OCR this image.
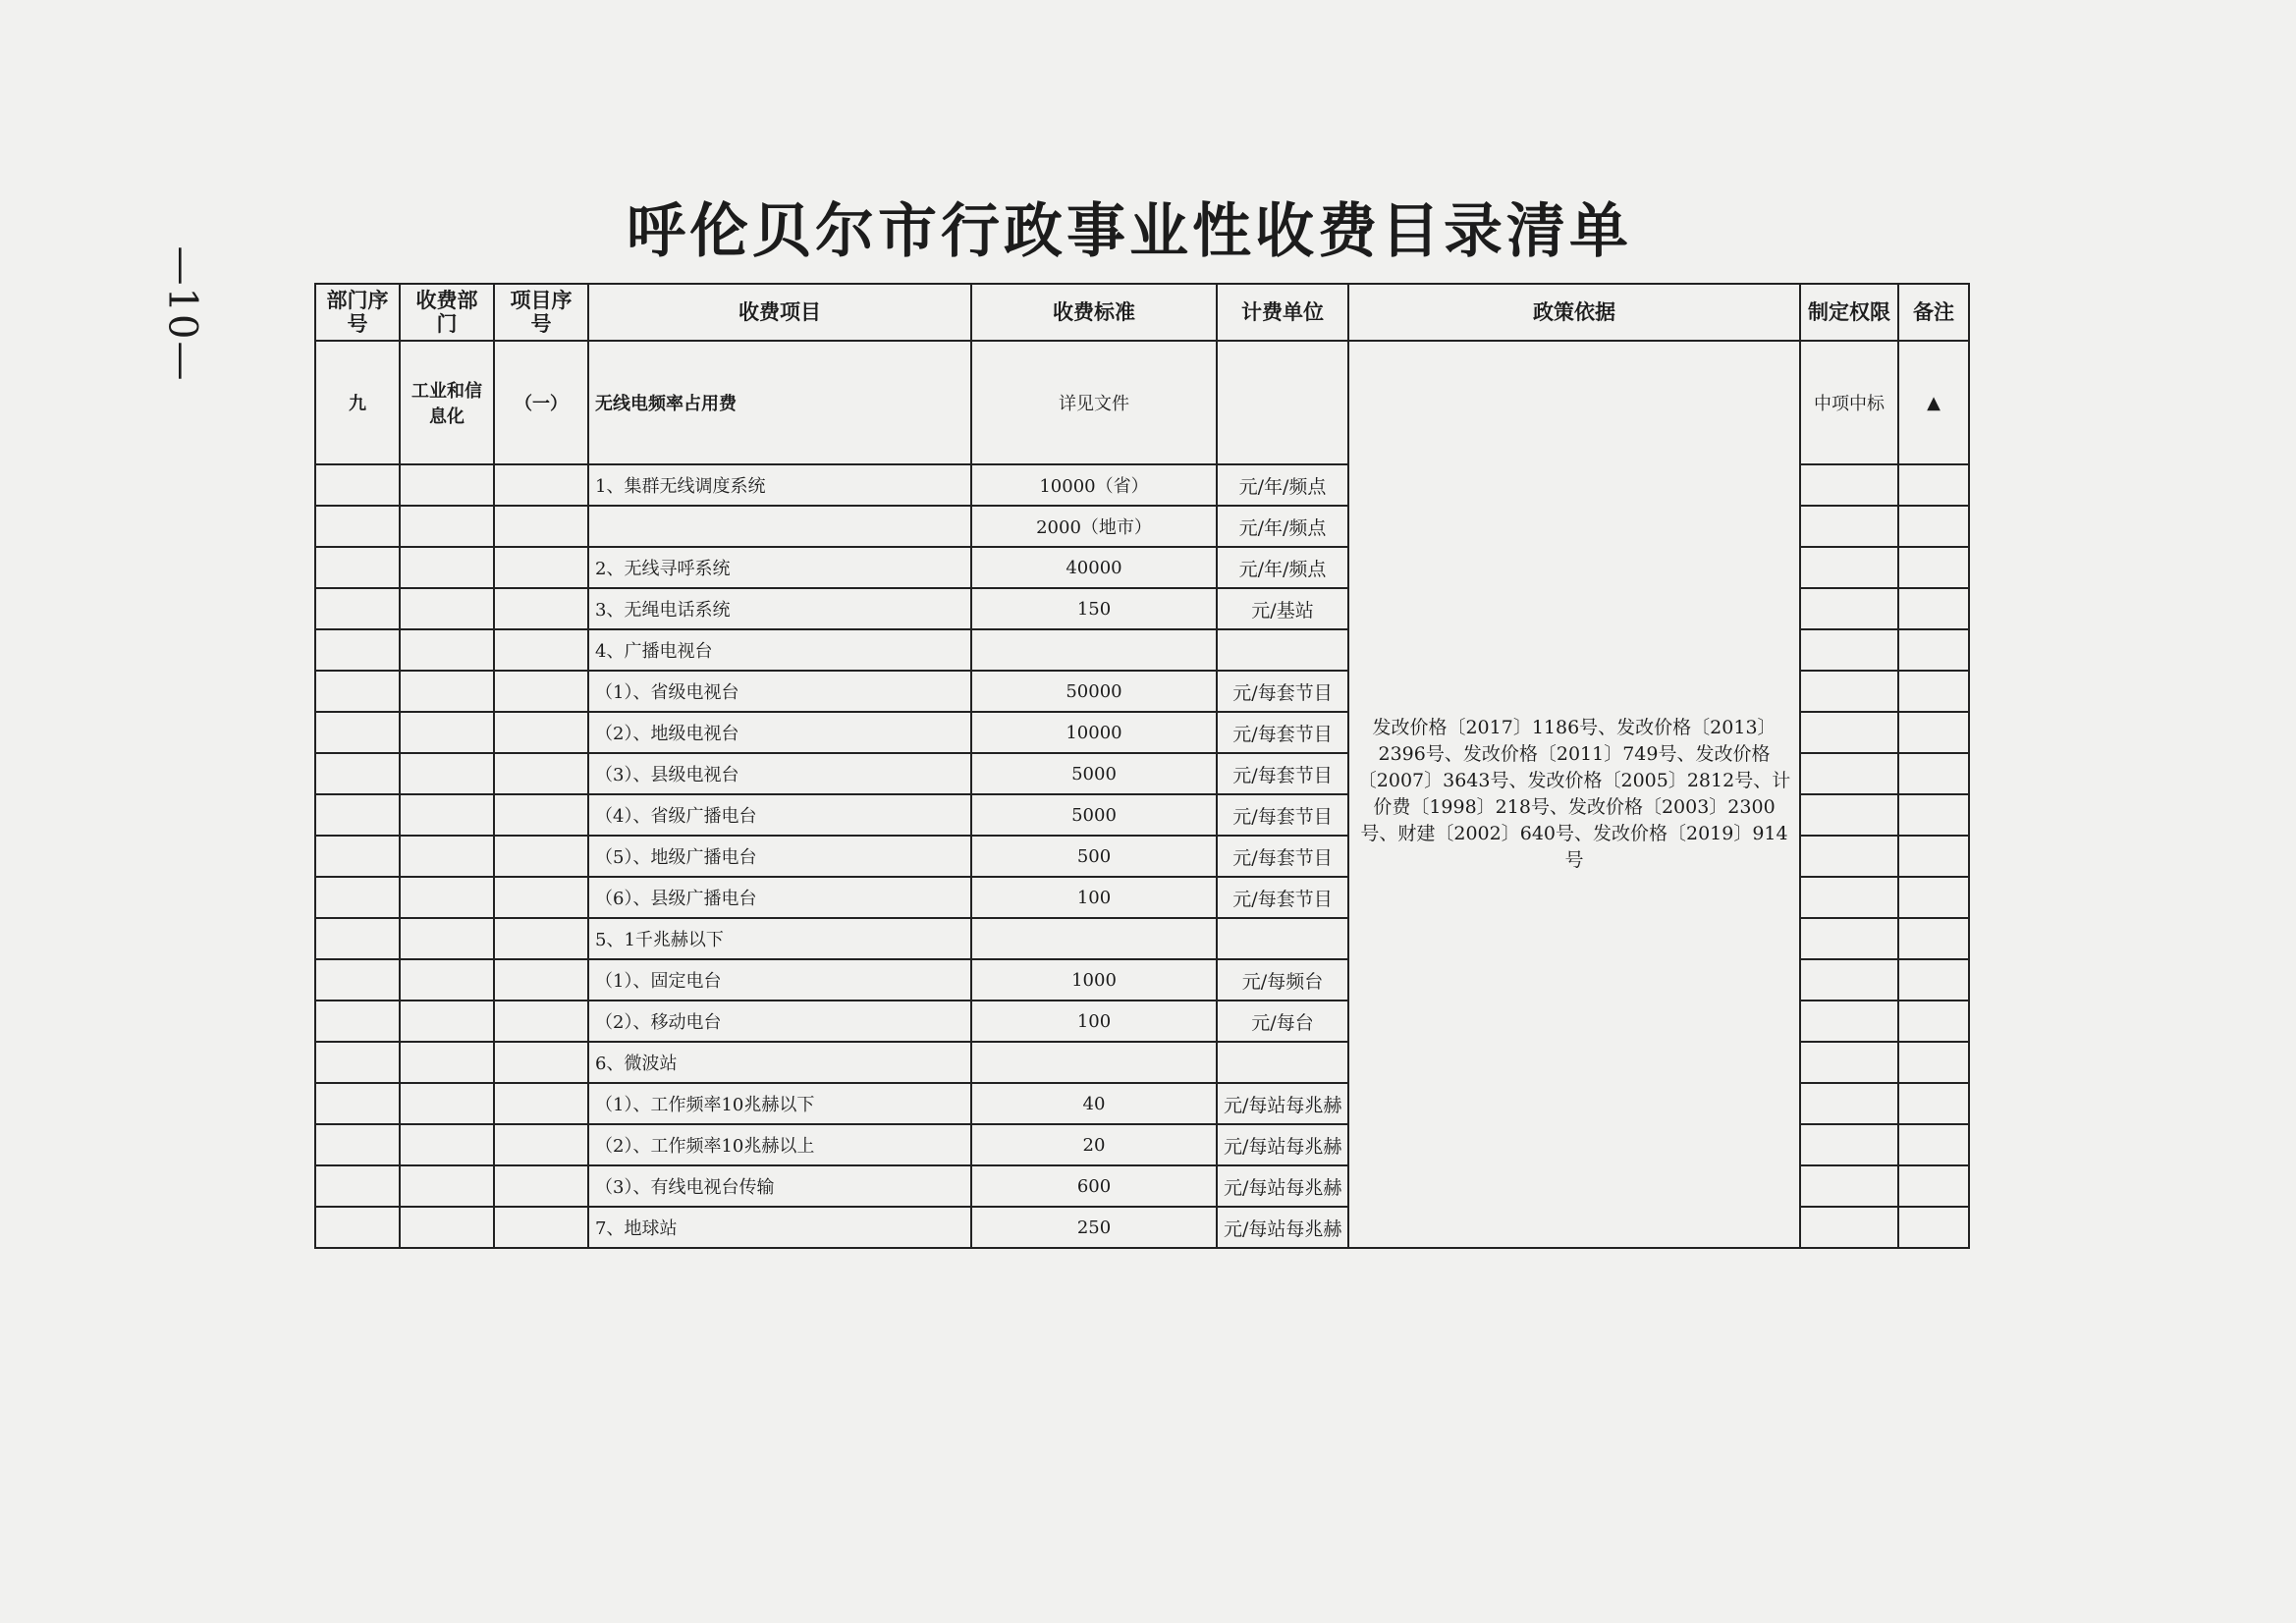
—10—
呼伦贝尔市行政事业性收费目录清单
部门序号	收费部门	项目序号	收费项目	收费标准	计费单位	政策依据	制定权限	备注
九	工业和信息化	（一）	无线电频率占用费	详见文件		发改价格〔2017〕1186号、发改价格〔2013〕2396号、发改价格〔2011〕749号、发改价格〔2007〕3643号、发改价格〔2005〕2812号、计价费〔1998〕218号、发改价格〔2003〕2300号、财建〔2002〕640号、发改价格〔2019〕914号	中项中标	▲
			1、集群无线调度系统	10000（省）	元/年/频点			
				2000（地市）	元/年/频点			
			2、无线寻呼系统	40000	元/年/频点			
			3、无绳电话系统	150	元/基站			
			4、广播电视台					
			（1）、省级电视台	50000	元/每套节目			
			（2）、地级电视台	10000	元/每套节目			
			（3）、县级电视台	5000	元/每套节目			
			（4）、省级广播电台	5000	元/每套节目			
			（5）、地级广播电台	500	元/每套节目			
			（6）、县级广播电台	100	元/每套节目			
			5、1千兆赫以下					
			（1）、固定电台	1000	元/每频台			
			（2）、移动电台	100	元/每台			
			6、微波站					
			（1）、工作频率10兆赫以下	40	元/每站每兆赫			
			（2）、工作频率10兆赫以上	20	元/每站每兆赫			
			（3）、有线电视台传输	600	元/每站每兆赫			
			7、地球站	250	元/每站每兆赫			
